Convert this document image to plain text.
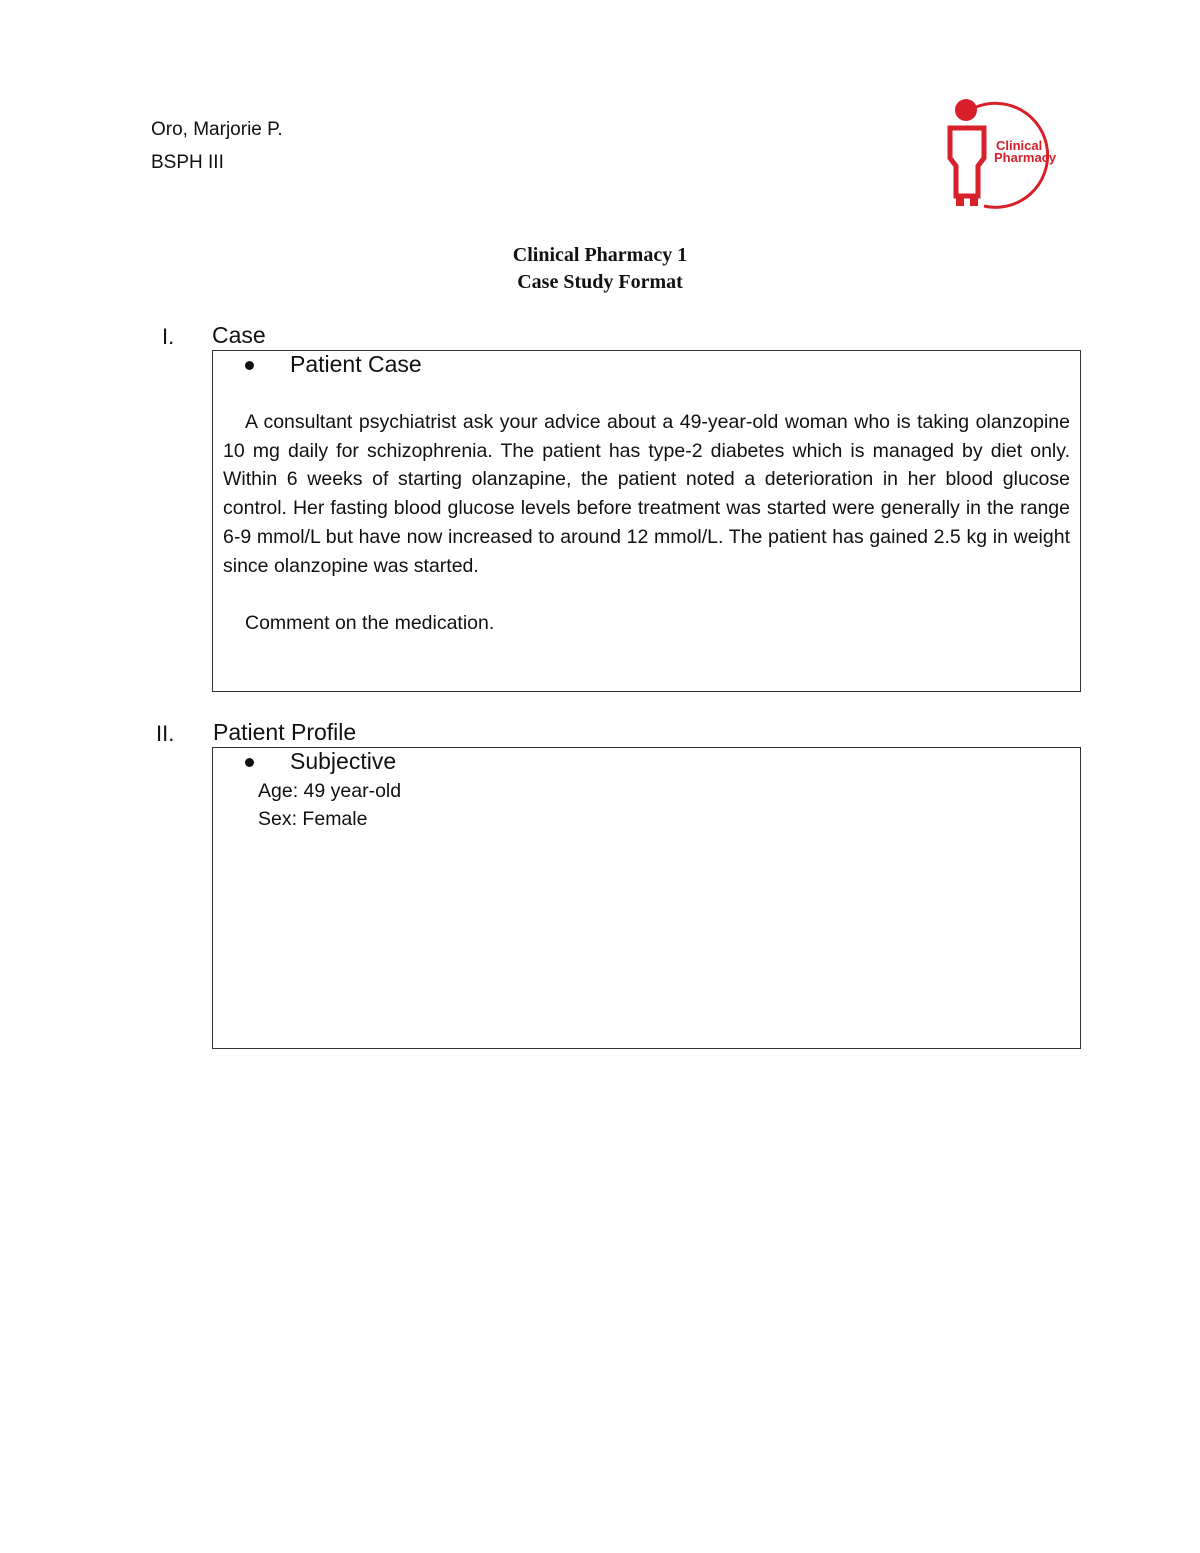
Oro, Marjorie P.
BSPH III
Clinical
Pharmacy
Clinical Pharmacy 1
Case Study Format
I. Case
Patient Case
A consultant psychiatrist ask your advice about a 49-year-old woman who is taking olanzopine 10 mg daily for schizophrenia. The patient has type-2 diabetes which is managed by diet only. Within 6 weeks of starting olanzapine, the patient noted a deterioration in her blood glucose control. Her fasting blood glucose levels before treatment was started were generally in the range 6-9 mmol/L but have now increased to around 12 mmol/L. The patient has gained 2.5 kg in weight since olanzopine was started.
Comment on the medication.
II. Patient Profile
Subjective
Age: 49 year-old
Sex: Female
